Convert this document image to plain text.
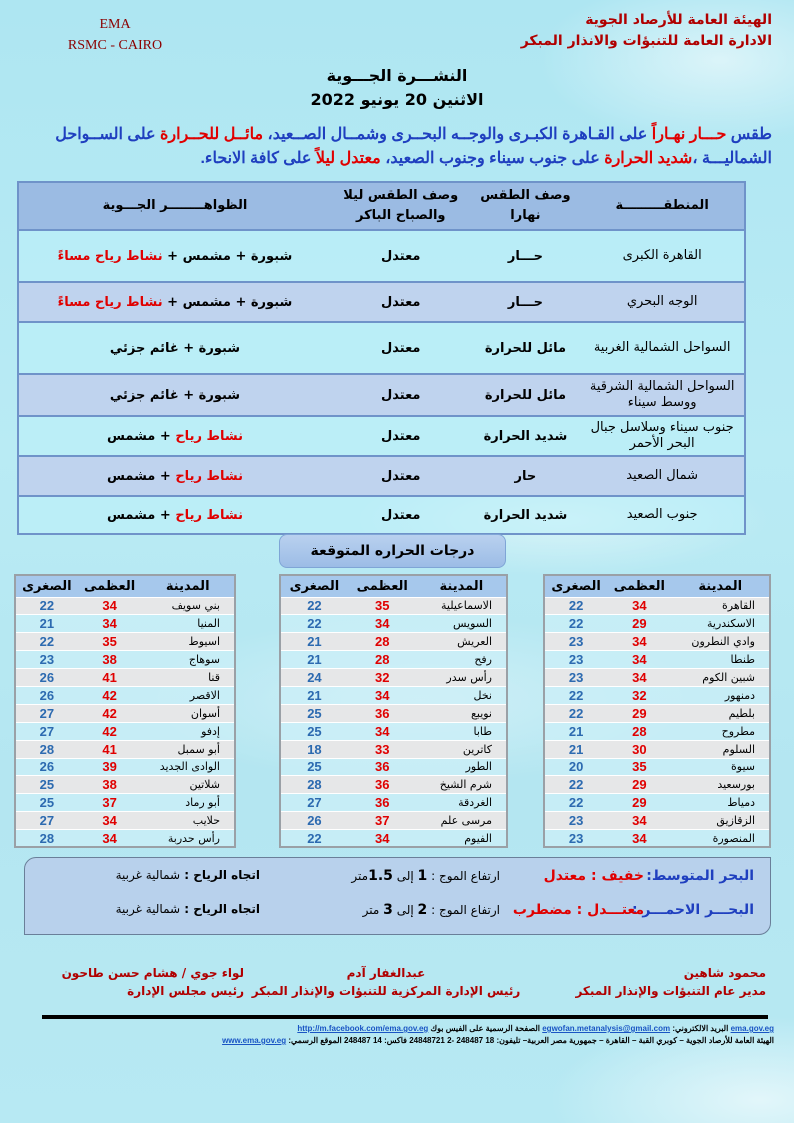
EMA
RSMC - CAIRO
الهيئة العامة للأرصاد الجوية
الادارة العامة للتنبؤات والانذار المبكر
النشـــرة الجـــوية
الاثنين 20 يونيو 2022
طقس حـــار نهـاراً على القـاهرة الكبـرى والوجــه البحــرى وشمــال الصــعيد، مائــل للحــرارة على الســواحل الشماليـــة ،شديد الحرارة على جنوب سيناء وجنوب الصعيد، معتدل ليلاً على كافة الانحاء.
المنطقـــــــــة	وصف الطقس نهارا	وصف الطقس ليلا والصباح الباكر	الظواهــــــــر الجـــوية
القاهرة الكبرى	حـــار	معتدل	شبورة + مشمس + نشاط رياح مساءً
الوجه البحري	حـــار	معتدل	شبورة + مشمس + نشاط رياح مساءً
السواحل الشمالية الغربية	مائل للحرارة	معتدل	شبورة + غائم جزئي
السواحل الشمالية الشرقية ووسط سيناء	مائل للحرارة	معتدل	شبورة + غائم جزئي
جنوب سيناء وسلاسل جبال البحر الأحمر	شديد الحرارة	معتدل	نشاط رياح + مشمس
شمال الصعيد	حار	معتدل	نشاط رياح + مشمس
جنوب الصعيد	شديد الحرارة	معتدل	نشاط رياح + مشمس
درجات الحراره المتوقعة
المدينة	العظمى	الصغرى
القاهرة	34	22
الاسكندرية	29	22
وادي النطرون	34	23
طنطا	34	23
شبين الكوم	34	23
دمنهور	32	22
بلطيم	29	22
مطروح	28	21
السلوم	30	21
سيوة	35	20
بورسعيد	29	22
دمياط	29	22
الزقازيق	34	23
المنصورة	34	23
المدينة	العظمى	الصغرى
الاسماعيلية	35	22
السويس	34	22
العريش	28	21
رفح	28	21
رأس سدر	32	24
نخل	34	21
نويبع	36	25
طابا	34	25
كاترين	33	18
الطور	36	25
شرم الشيخ	36	28
الغردقة	36	27
مرسى علم	37	26
الفيوم	34	22
المدينة	العظمى	الصغرى
بني سويف	34	22
المنيا	34	21
اسيوط	35	22
سوهاج	38	23
قنا	41	26
الاقصر	42	26
أسوان	42	27
إدفو	42	27
أبو سمبل	41	28
الوادى الجديد	39	26
شلاتين	38	25
أبو رماد	37	25
حلايب	34	27
رأس حدربة	34	28
البحر المتوسط:
خفيف : معتدل
ارتفاع الموج : 1 إلى 1.5متر
اتجاه الرياح : شمالية غربية
البحـــر الاحمـــر :
معتـــدل : مضطرب
ارتفاع الموج : 2 إلى 3 متر
اتجاه الرياح : شمالية غربية
محمود شاهين
مدير عام التنبؤات والإنذار المبكر
عبدالغفار آدم
رئيس الإدارة المركزية للتنبؤات والإنذار المبكر
لواء جوي / هشام حسن طاحون
رئيس مجلس الإدارة
ema.gov.eg البريد الالكتروني: egwofan.metanalysis@gmail.com الصفحة الرسمية على الفيس بوك http://m.facebook.com/ema.gov.eg
الهيئة العامة للأرصاد الجوية – كوبري القبة – القاهرة – جمهورية مصر العربية– تليفون: 18 248487 -2 24848721 فاكس: 14 248487 الموقع الرسمي: www.ema.gov.eg
